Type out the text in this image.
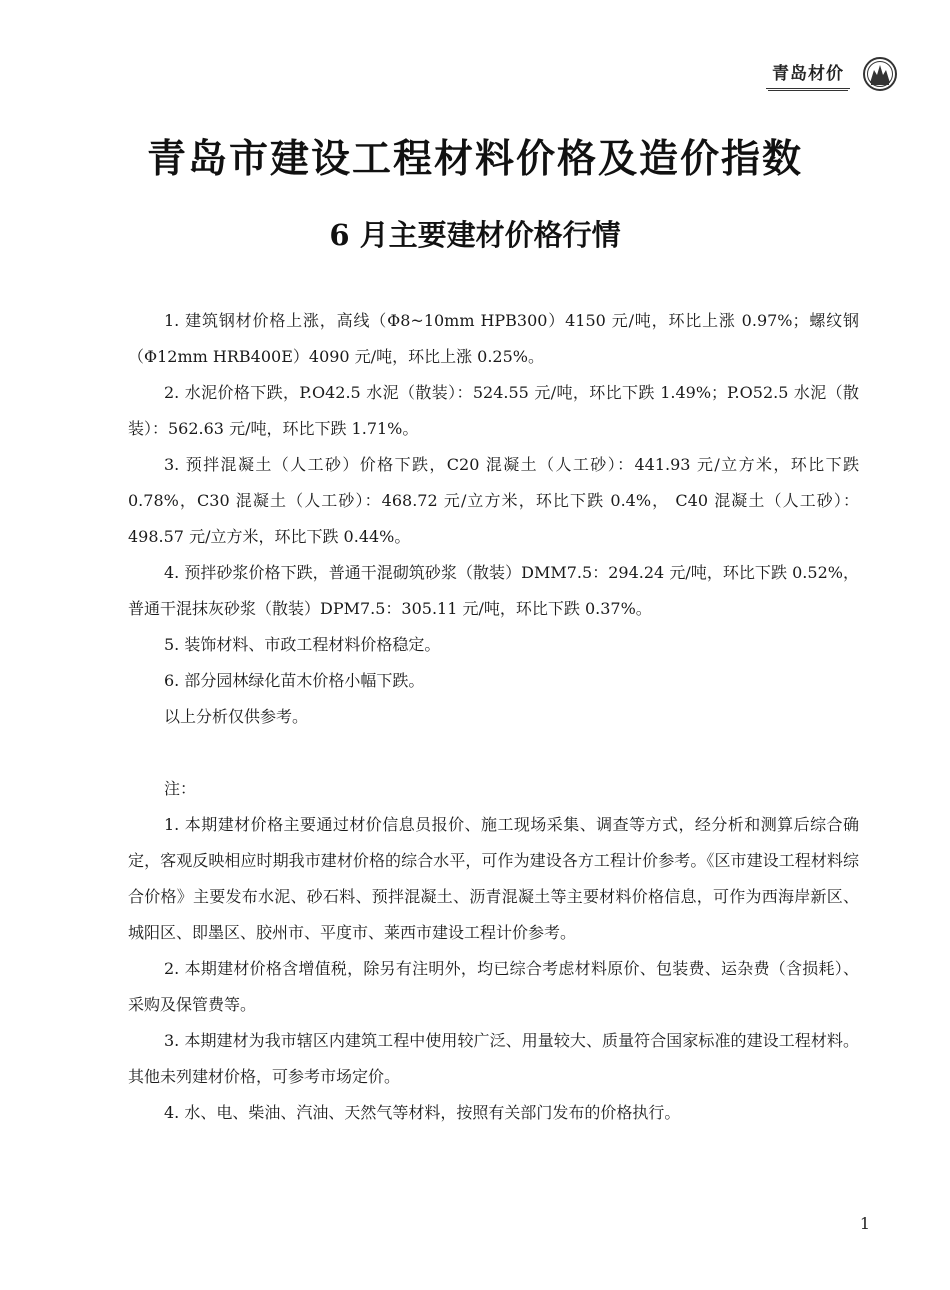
青岛材价
青岛市建设工程材料价格及造价指数
6 月主要建材价格行情

1. 建筑钢材价格上涨，高线（Φ8~10mm HPB300）4150 元/吨，环比上涨 0.97%；螺纹钢（Φ12mm HRB400E）4090 元/吨，环比上涨 0.25%。

2. 水泥价格下跌，P.O42.5 水泥（散装）：524.55 元/吨，环比下跌 1.49%；P.O52.5 水泥（散装）：562.63 元/吨，环比下跌 1.71%。

3. 预拌混凝土（人工砂）价格下跌，C20 混凝土（人工砂）：441.93 元/立方米，环比下跌 0.78%，C30 混凝土（人工砂）：468.72 元/立方米，环比下跌 0.4%， C40 混凝土（人工砂）：498.57 元/立方米，环比下跌 0.44%。

4. 预拌砂浆价格下跌，普通干混砌筑砂浆（散装）DMM7.5：294.24 元/吨，环比下跌 0.52%，普通干混抹灰砂浆（散装）DPM7.5：305.11 元/吨，环比下跌 0.37%。

5. 装饰材料、市政工程材料价格稳定。

6. 部分园林绿化苗木价格小幅下跌。

以上分析仅供参考。

注：

1. 本期建材价格主要通过材价信息员报价、施工现场采集、调查等方式，经分析和测算后综合确定，客观反映相应时期我市建材价格的综合水平，可作为建设各方工程计价参考。《区市建设工程材料综合价格》主要发布水泥、砂石料、预拌混凝土、沥青混凝土等主要材料价格信息，可作为西海岸新区、城阳区、即墨区、胶州市、平度市、莱西市建设工程计价参考。

2. 本期建材价格含增值税，除另有注明外，均已综合考虑材料原价、包装费、运杂费（含损耗）、采购及保管费等。

3. 本期建材为我市辖区内建筑工程中使用较广泛、用量较大、质量符合国家标准的建设工程材料。其他未列建材价格，可参考市场定价。

4. 水、电、柴油、汽油、天然气等材料，按照有关部门发布的价格执行。

1
